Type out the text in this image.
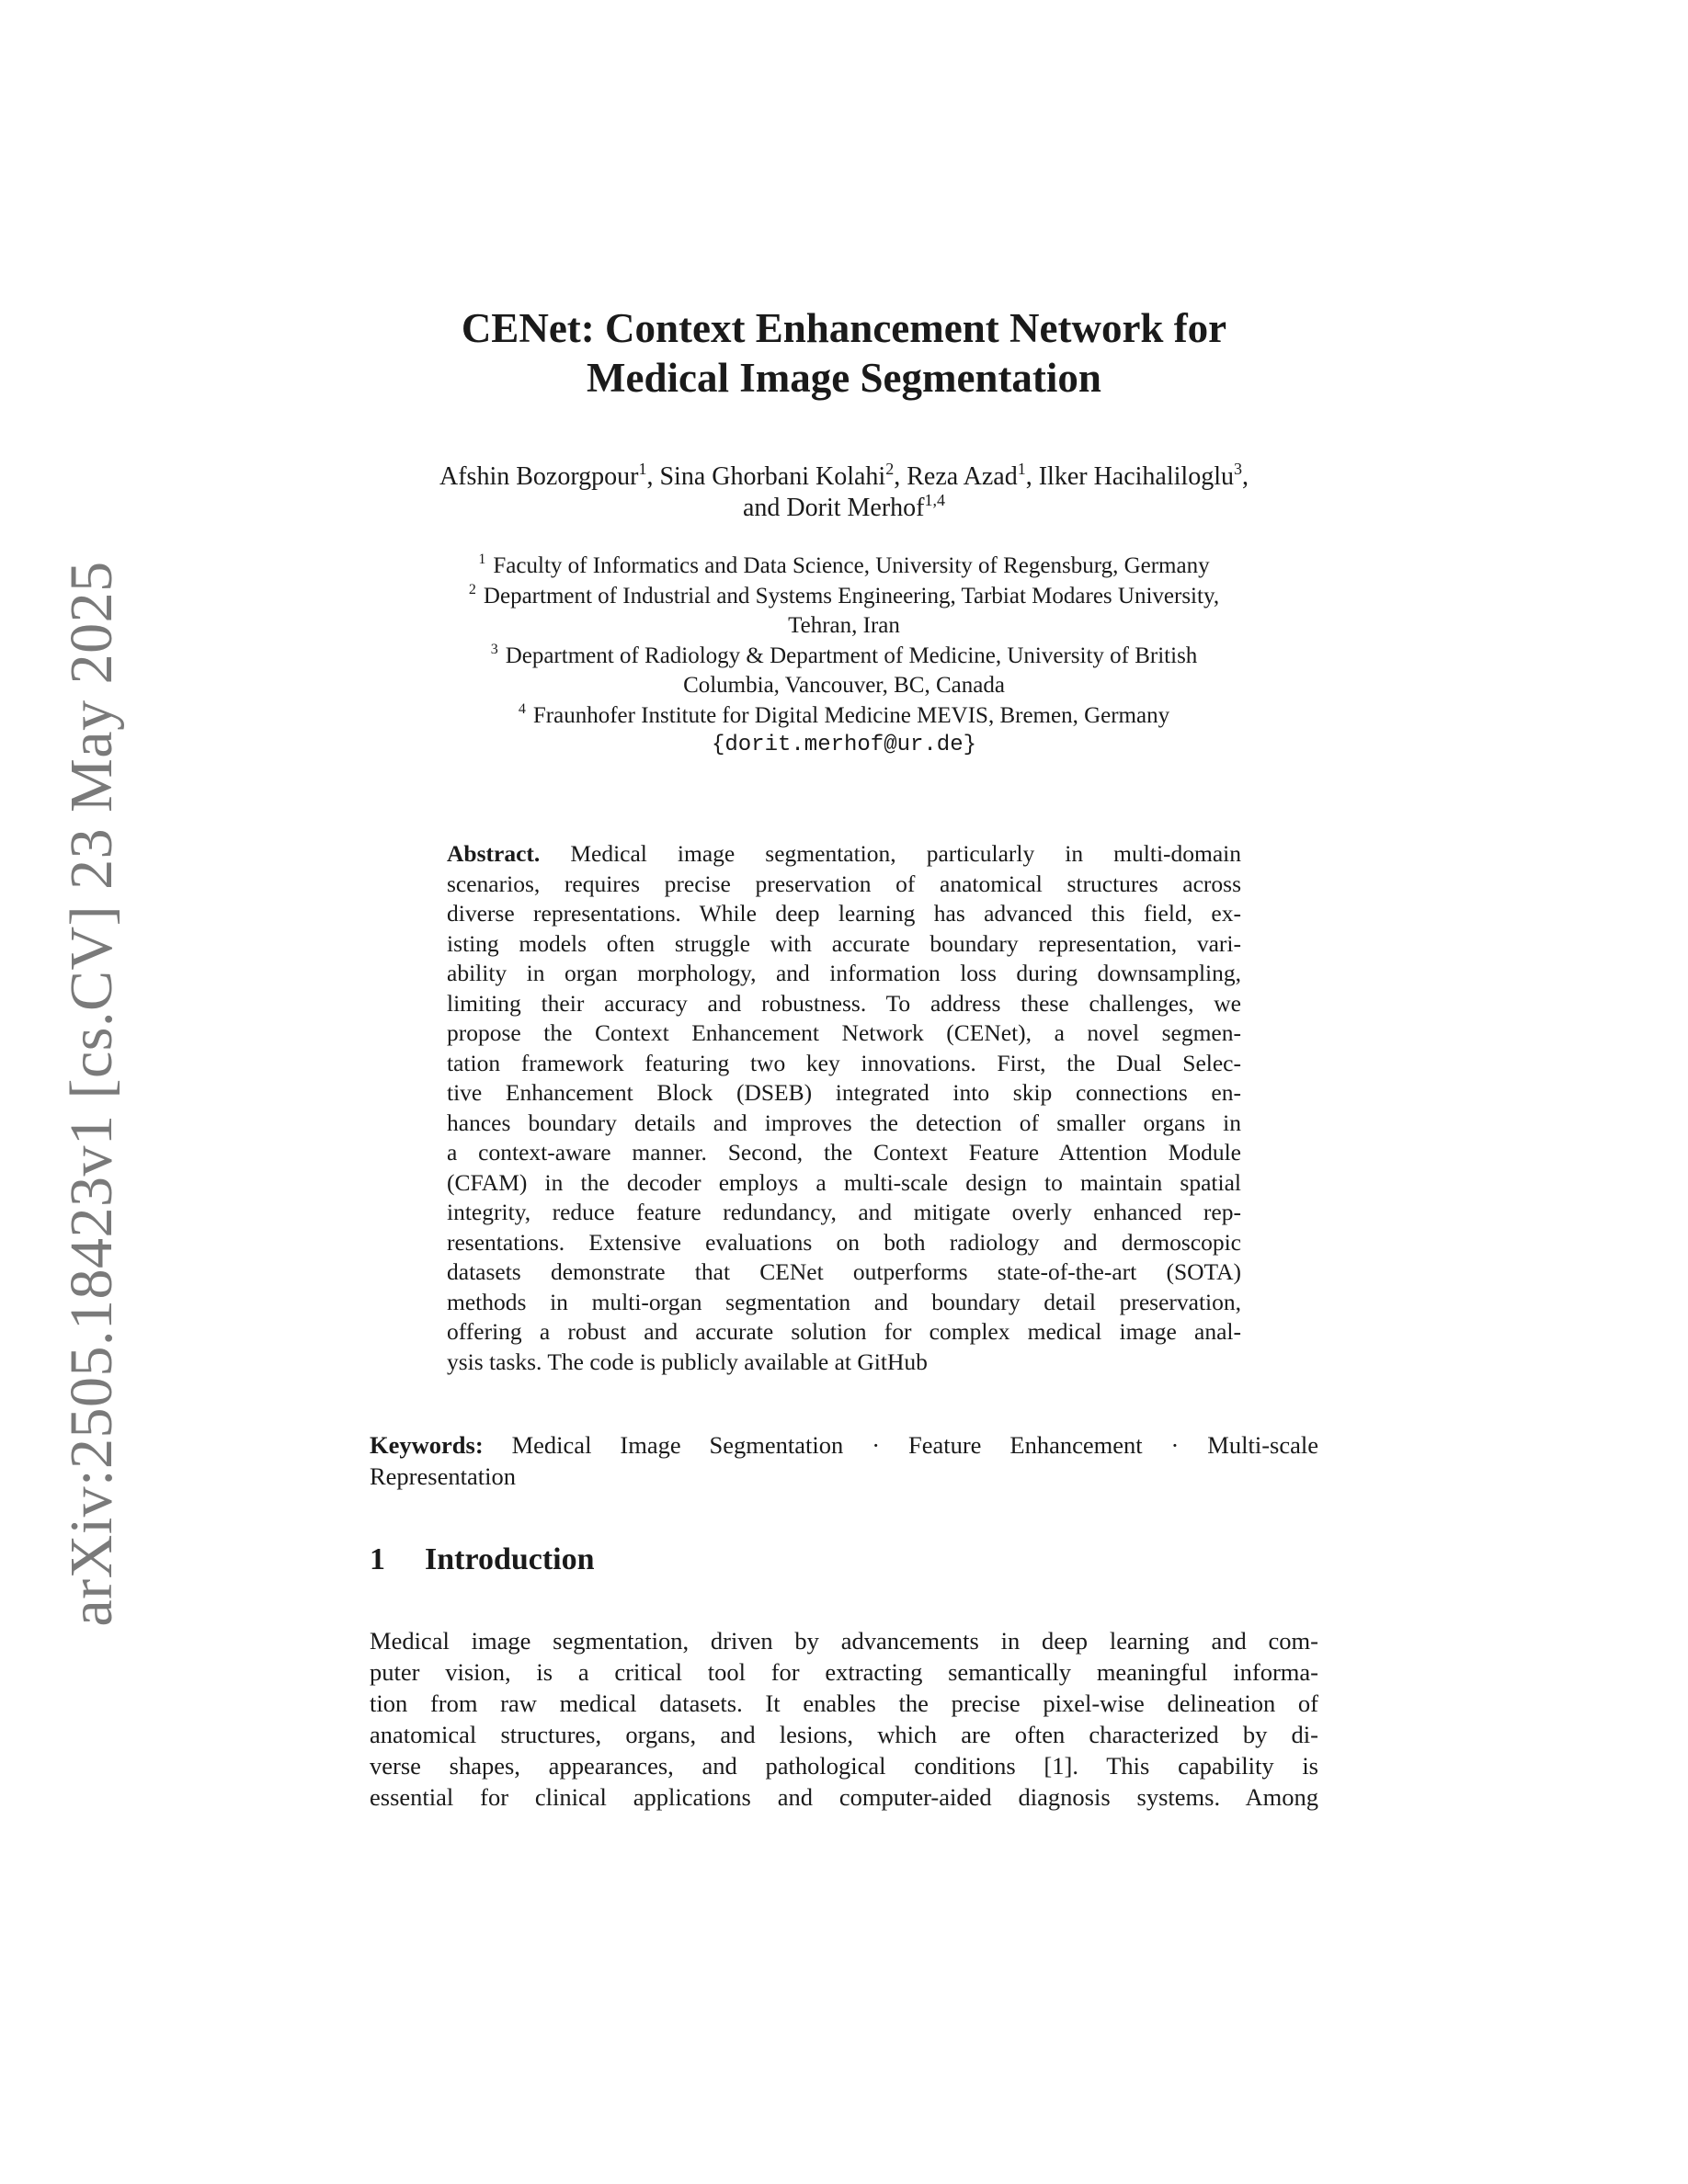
arXiv:2505.18423v1 [cs.CV] 23 May 2025
CENet: Context Enhancement Network for
Medical Image Segmentation
Afshin Bozorgpour$^1$, Sina Ghorbani Kolahi$^2$, Reza Azad$^1$, Ilker Hacihaliloglu$^3$,
and Dorit Merhof$^{1,4}$
$^1$ Faculty of Informatics and Data Science, University of Regensburg, Germany
$^2$ Department of Industrial and Systems Engineering, Tarbiat Modares University,
Tehran, Iran
$^3$ Department of Radiology & Department of Medicine, University of British
Columbia, Vancouver, BC, Canada
$^4$ Fraunhofer Institute for Digital Medicine MEVIS, Bremen, Germany
{dorit.merhof@ur.de}
Abstract. Medical image segmentation, particularly in multi-domain
scenarios, requires precise preservation of anatomical structures across
diverse representations. While deep learning has advanced this field, ex-
isting models often struggle with accurate boundary representation, vari-
ability in organ morphology, and information loss during downsampling,
limiting their accuracy and robustness. To address these challenges, we
propose the Context Enhancement Network (CENet), a novel segmen-
tation framework featuring two key innovations. First, the Dual Selec-
tive Enhancement Block (DSEB) integrated into skip connections en-
hances boundary details and improves the detection of smaller organs in
a context-aware manner. Second, the Context Feature Attention Module
(CFAM) in the decoder employs a multi-scale design to maintain spatial
integrity, reduce feature redundancy, and mitigate overly enhanced rep-
resentations. Extensive evaluations on both radiology and dermoscopic
datasets demonstrate that CENet outperforms state-of-the-art (SOTA)
methods in multi-organ segmentation and boundary detail preservation,
offering a robust and accurate solution for complex medical image anal-
ysis tasks. The code is publicly available at GitHub
Keywords: Medical Image Segmentation · Feature Enhancement · Multi-scale
Representation
1 Introduction
Medical image segmentation, driven by advancements in deep learning and com-
puter vision, is a critical tool for extracting semantically meaningful informa-
tion from raw medical datasets. It enables the precise pixel-wise delineation of
anatomical structures, organs, and lesions, which are often characterized by di-
verse shapes, appearances, and pathological conditions [1]. This capability is
essential for clinical applications and computer-aided diagnosis systems. Among
